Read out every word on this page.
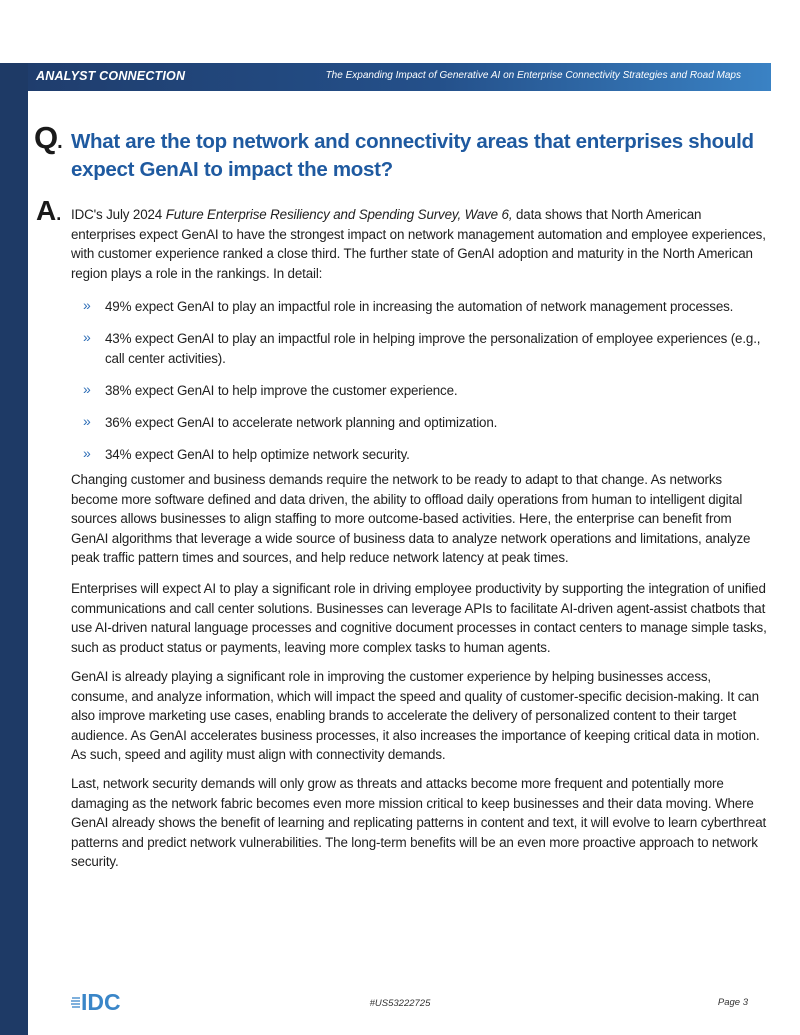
ANALYST CONNECTION	The Expanding Impact of Generative AI on Enterprise Connectivity Strategies and Road Maps
Q. What are the top network and connectivity areas that enterprises should expect GenAI to impact the most?
A. IDC's July 2024 Future Enterprise Resiliency and Spending Survey, Wave 6, data shows that North American enterprises expect GenAI to have the strongest impact on network management automation and employee experiences, with customer experience ranked a close third. The further state of GenAI adoption and maturity in the North American region plays a role in the rankings. In detail:
» 49% expect GenAI to play an impactful role in increasing the automation of network management processes.
» 43% expect GenAI to play an impactful role in helping improve the personalization of employee experiences (e.g., call center activities).
» 38% expect GenAI to help improve the customer experience.
» 36% expect GenAI to accelerate network planning and optimization.
» 34% expect GenAI to help optimize network security.
Changing customer and business demands require the network to be ready to adapt to that change. As networks become more software defined and data driven, the ability to offload daily operations from human to intelligent digital sources allows businesses to align staffing to more outcome-based activities. Here, the enterprise can benefit from GenAI algorithms that leverage a wide source of business data to analyze network operations and limitations, analyze peak traffic pattern times and sources, and help reduce network latency at peak times.
Enterprises will expect AI to play a significant role in driving employee productivity by supporting the integration of unified communications and call center solutions. Businesses can leverage APIs to facilitate AI-driven agent-assist chatbots that use AI-driven natural language processes and cognitive document processes in contact centers to manage simple tasks, such as product status or payments, leaving more complex tasks to human agents.
GenAI is already playing a significant role in improving the customer experience by helping businesses access, consume, and analyze information, which will impact the speed and quality of customer-specific decision-making. It can also improve marketing use cases, enabling brands to accelerate the delivery of personalized content to their target audience. As GenAI accelerates business processes, it also increases the importance of keeping critical data in motion. As such, speed and agility must align with connectivity demands.
Last, network security demands will only grow as threats and attacks become more frequent and potentially more damaging as the network fabric becomes even more mission critical to keep businesses and their data moving. Where GenAI already shows the benefit of learning and replicating patterns in content and text, it will evolve to learn cyberthreat patterns and predict network vulnerabilities. The long-term benefits will be an even more proactive approach to network security.
IDC	#US53222725	Page 3
